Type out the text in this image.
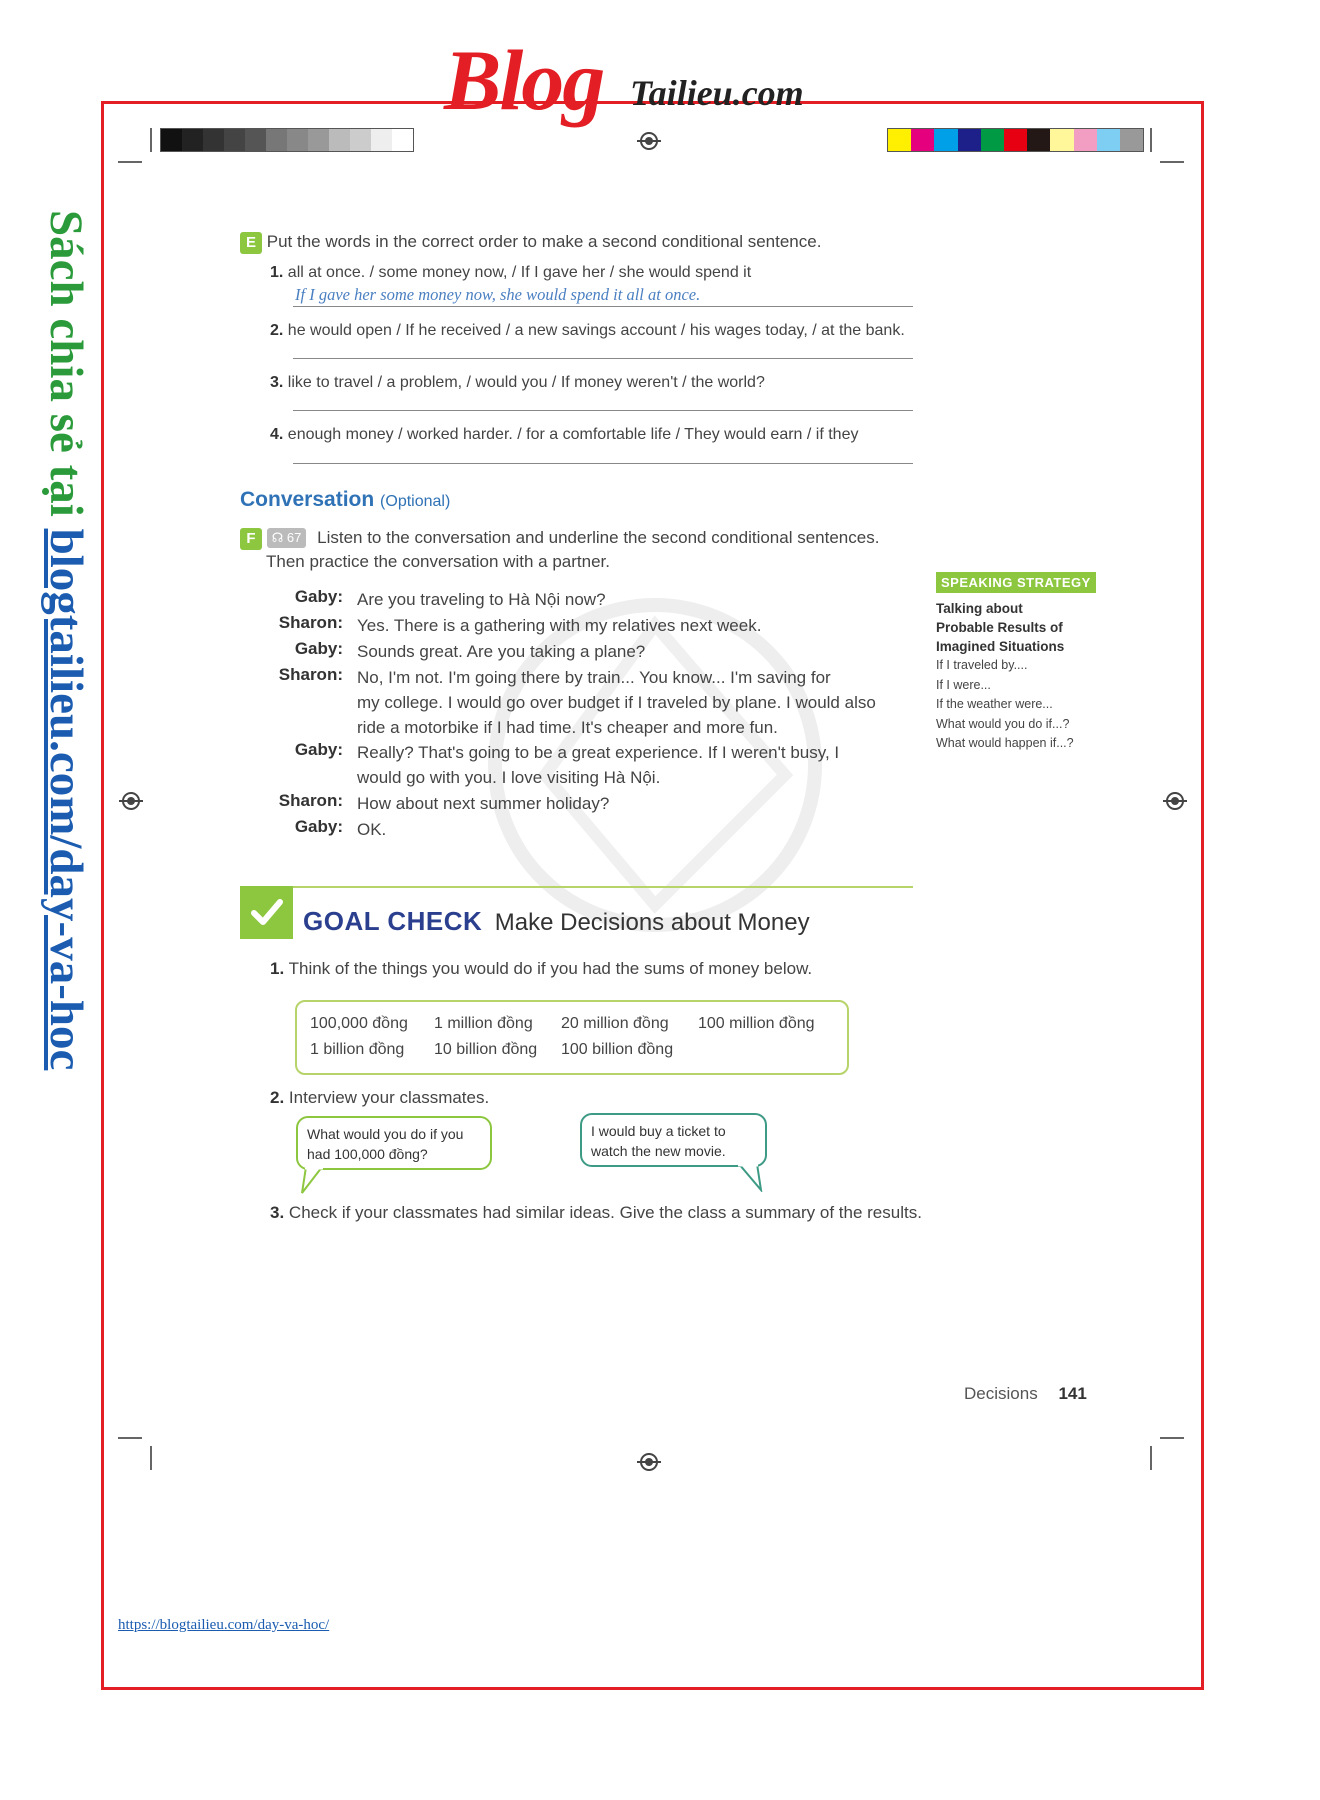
Blog Tailieu.com
Sách chia sẻ tại blogtailieu.com/day-va-hoc
E Put the words in the correct order to make a second conditional sentence.
1. all at once. / some money now, / If I gave her / she would spend it
If I gave her some money now, she would spend it all at once.
2. he would open / If he received / a new savings account / his wages today, / at the bank.
3. like to travel / a problem, / would you / If money weren't / the world?
4. enough money / worked harder. / for a comfortable life / They would earn / if they
Conversation (Optional)
F ☊ 67 Listen to the conversation and underline the second conditional sentences.
Then practice the conversation with a partner.
Gaby: Are you traveling to Hà Nội now?
Sharon: Yes. There is a gathering with my relatives next week.
Gaby: Sounds great. Are you taking a plane?
Sharon: No, I'm not. I'm going there by train... You know... I'm saving for
my college. I would go over budget if I traveled by plane. I would also
ride a motorbike if I had time. It's cheaper and more fun.
Gaby: Really? That's going to be a great experience. If I weren't busy, I
would go with you. I love visiting Hà Nội.
Sharon: How about next summer holiday?
Gaby: OK.
SPEAKING STRATEGY
Talking about
Probable Results of
Imagined Situations
If I traveled by....
If I were...
If the weather were...
What would you do if...?
What would happen if...?
GOAL CHECK Make Decisions about Money
1. Think of the things you would do if you had the sums of money below.
100,000 đồng 1 million đồng 20 million đồng 100 million đồng
1 billion đồng 10 billion đồng 100 billion đồng
2. Interview your classmates.
What would you do if you had 100,000 đồng?
I would buy a ticket to watch the new movie.
3. Check if your classmates had similar ideas. Give the class a summary of the results.
Decisions 141
https://blogtailieu.com/day-va-hoc/
